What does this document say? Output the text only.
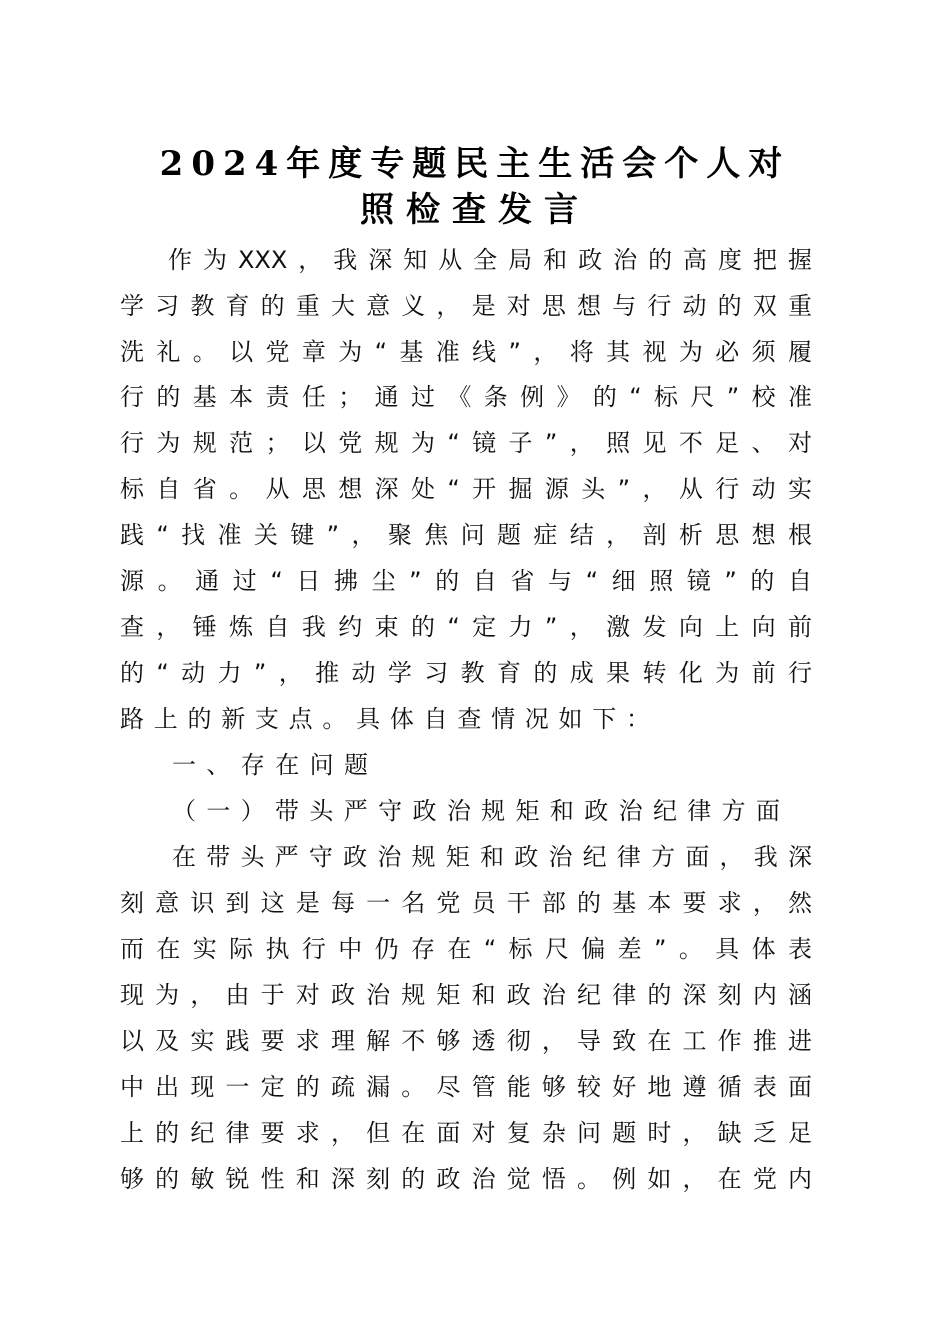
2024年度专题民主生活会个人对
照检查发言
作为XXX，我深知从全局和政治的高度把握
学习教育的重大意义，是对思想与行动的双重
洗礼。以党章为“基准线”，将其视为必须履
行的基本责任；通过《条例》的“标尺”校准
行为规范；以党规为“镜子”，照见不足、对
标自省。从思想深处“开掘源头”，从行动实
践“找准关键”，聚焦问题症结，剖析思想根
源。通过“日拂尘”的自省与“细照镜”的自
查，锤炼自我约束的“定力”，激发向上向前
的“动力”，推动学习教育的成果转化为前行
路上的新支点。具体自查情况如下：
一、存在问题
（一）带头严守政治规矩和政治纪律方面
在带头严守政治规矩和政治纪律方面，我深
刻意识到这是每一名党员干部的基本要求，然
而在实际执行中仍存在“标尺偏差”。具体表
现为，由于对政治规矩和政治纪律的深刻内涵
以及实践要求理解不够透彻，导致在工作推进
中出现一定的疏漏。尽管能够较好地遵循表面
上的纪律要求，但在面对复杂问题时，缺乏足
够的敏锐性和深刻的政治觉悟。例如，在党内
